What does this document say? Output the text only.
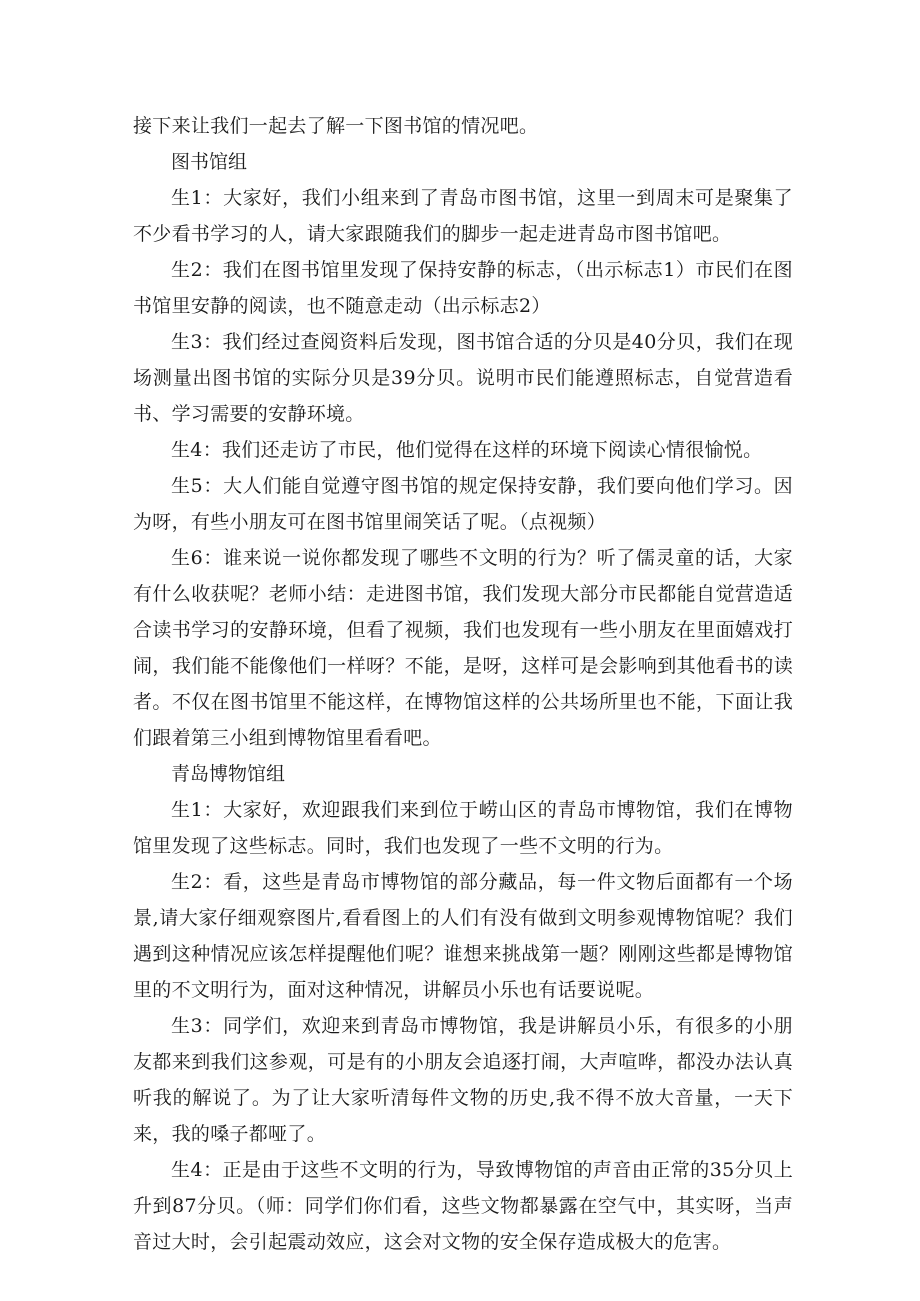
接下来让我们一起去了解一下图书馆的情况吧。

图书馆组

生1：大家好，我们小组来到了青岛市图书馆，这里一到周末可是聚集了不少看书学习的人，请大家跟随我们的脚步一起走进青岛市图书馆吧。

生2：我们在图书馆里发现了保持安静的标志，（出示标志1）市民们在图书馆里安静的阅读，也不随意走动（出示标志2）

生3：我们经过查阅资料后发现，图书馆合适的分贝是40分贝，我们在现场测量出图书馆的实际分贝是39分贝。说明市民们能遵照标志，自觉营造看书、学习需要的安静环境。

生4：我们还走访了市民，他们觉得在这样的环境下阅读心情很愉悦。

生5：大人们能自觉遵守图书馆的规定保持安静，我们要向他们学习。因为呀，有些小朋友可在图书馆里闹笑话了呢。（点视频）

生6：谁来说一说你都发现了哪些不文明的行为？听了儒灵童的话，大家有什么收获呢？老师小结：走进图书馆，我们发现大部分市民都能自觉营造适合读书学习的安静环境，但看了视频，我们也发现有一些小朋友在里面嬉戏打闹，我们能不能像他们一样呀？不能，是呀，这样可是会影响到其他看书的读者。不仅在图书馆里不能这样，在博物馆这样的公共场所里也不能，下面让我们跟着第三小组到博物馆里看看吧。

青岛博物馆组

生1：大家好，欢迎跟我们来到位于崂山区的青岛市博物馆，我们在博物馆里发现了这些标志。同时，我们也发现了一些不文明的行为。

生2：看，这些是青岛市博物馆的部分藏品，每一件文物后面都有一个场景,请大家仔细观察图片,看看图上的人们有没有做到文明参观博物馆呢？我们遇到这种情况应该怎样提醒他们呢？谁想来挑战第一题？刚刚这些都是博物馆里的不文明行为，面对这种情况，讲解员小乐也有话要说呢。

生3：同学们，欢迎来到青岛市博物馆，我是讲解员小乐，有很多的小朋友都来到我们这参观，可是有的小朋友会追逐打闹，大声喧哗，都没办法认真听我的解说了。为了让大家听清每件文物的历史,我不得不放大音量，一天下来，我的嗓子都哑了。

生4：正是由于这些不文明的行为，导致博物馆的声音由正常的35分贝上升到87分贝。（师：同学们你们看，这些文物都暴露在空气中，其实呀，当声音过大时，会引起震动效应，这会对文物的安全保存造成极大的危害。
